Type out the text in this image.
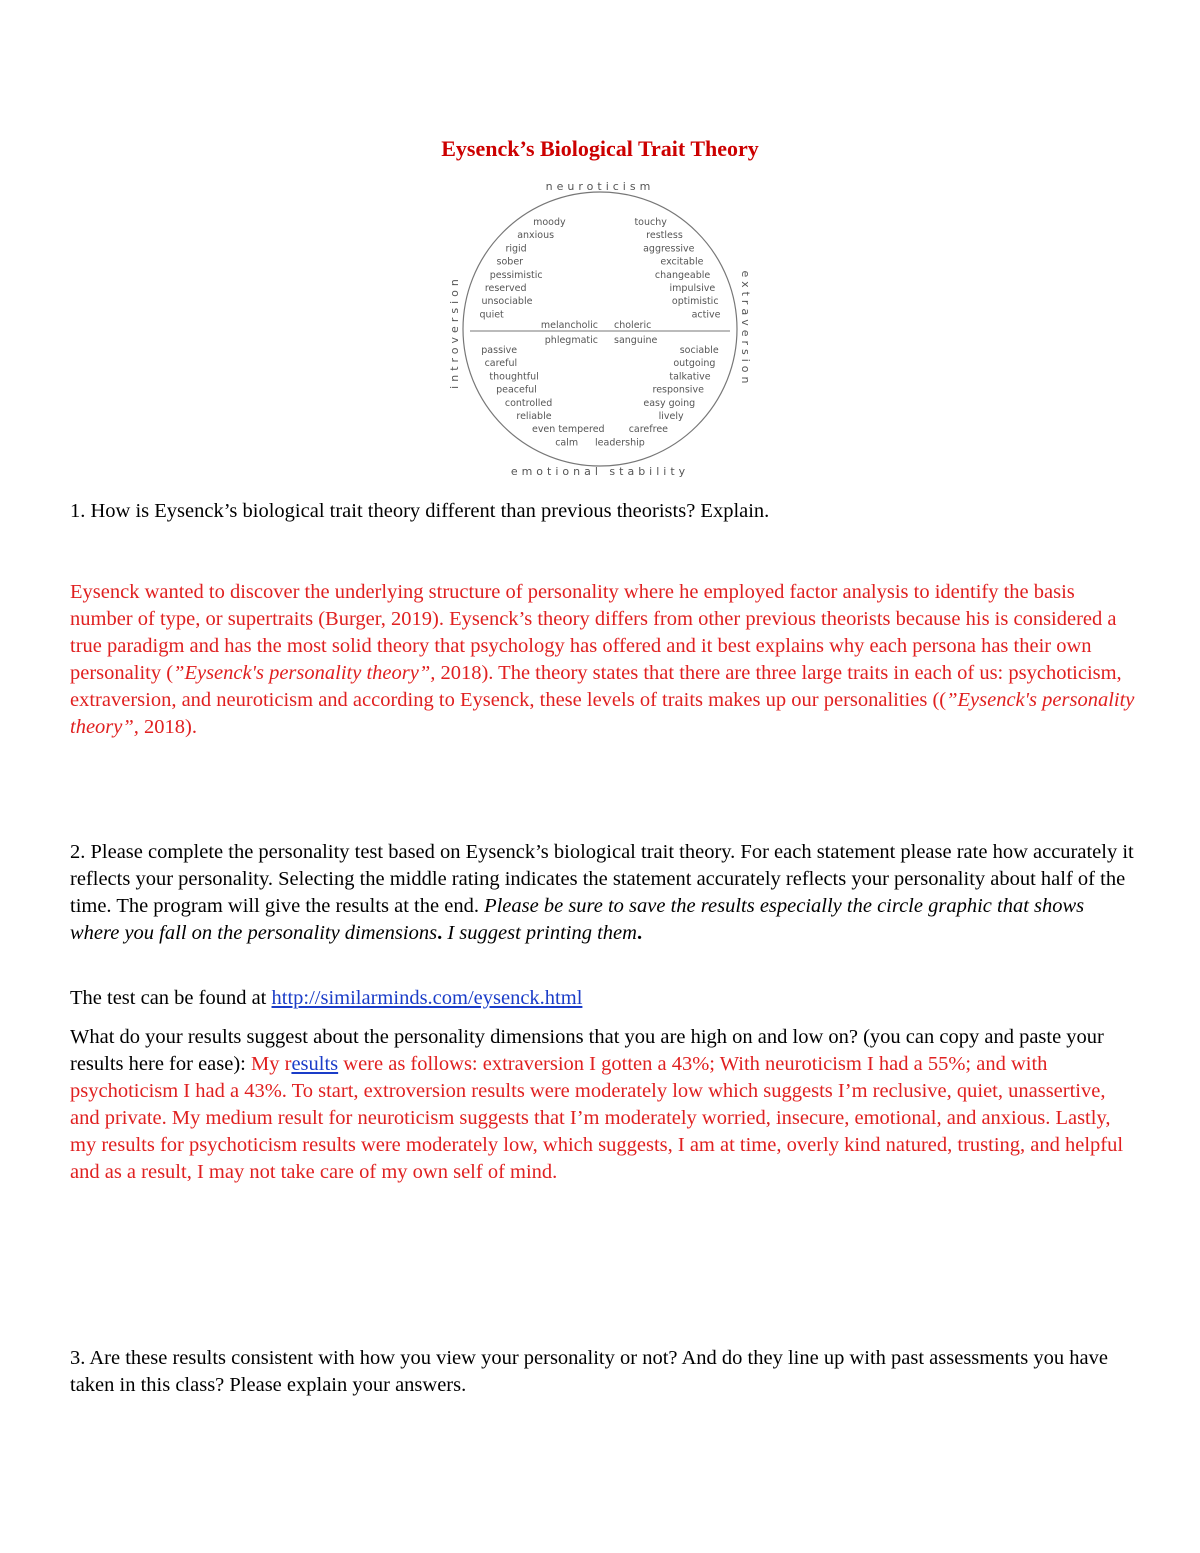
Eysenck’s Biological Trait Theory
neuroticism
emotional stability
introversion	extraversion
moody
anxious
rigid
sober
pessimistic
reserved
unsociable
quiet
touchy
restless
aggressive
excitable
changeable
impulsive
optimistic
active
passive
careful
thoughtful
peaceful
controlled
reliable
even tempered
calm
sociable
outgoing
talkative
responsive
easy going
lively
carefree
leadership
melancholic choleric
phlegmatic sanguine
1. How is Eysenck’s biological trait theory different than previous theorists? Explain.
Eysenck wanted to discover the underlying structure of personality where he employed factor analysis to identify the basis number of type, or supertraits (Burger, 2019). Eysenck’s theory differs from other previous theorists because his is considered a true paradigm and has the most solid theory that psychology has offered and it best explains why each persona has their own personality (”Eysenck's personality theory”, 2018). The theory states that there are three large traits in each of us: psychoticism, extraversion, and neuroticism and according to Eysenck, these levels of traits makes up our personalities ((”Eysenck's personality theory”, 2018).
2. Please complete the personality test based on Eysenck’s biological trait theory. For each statement please rate how accurately it reflects your personality. Selecting the middle rating indicates the statement accurately reflects your personality about half of the time. The program will give the results at the end. Please be sure to save the results especially the circle graphic that shows where you fall on the personality dimensions. I suggest printing them.
The test can be found at http://similarminds.com/eysenck.html
What do your results suggest about the personality dimensions that you are high on and low on? (you can copy and paste your results here for ease): My results were as follows: extraversion I gotten a 43%; With neuroticism I had a 55%; and with psychoticism I had a 43%. To start, extroversion results were moderately low which suggests I’m reclusive, quiet, unassertive, and private. My medium result for neuroticism suggests that I’m moderately worried, insecure, emotional, and anxious. Lastly, my results for psychoticism results were moderately low, which suggests, I am at time, overly kind natured, trusting, and helpful and as a result, I may not take care of my own self of mind.
3. Are these results consistent with how you view your personality or not? And do they line up with past assessments you have taken in this class? Please explain your answers.
